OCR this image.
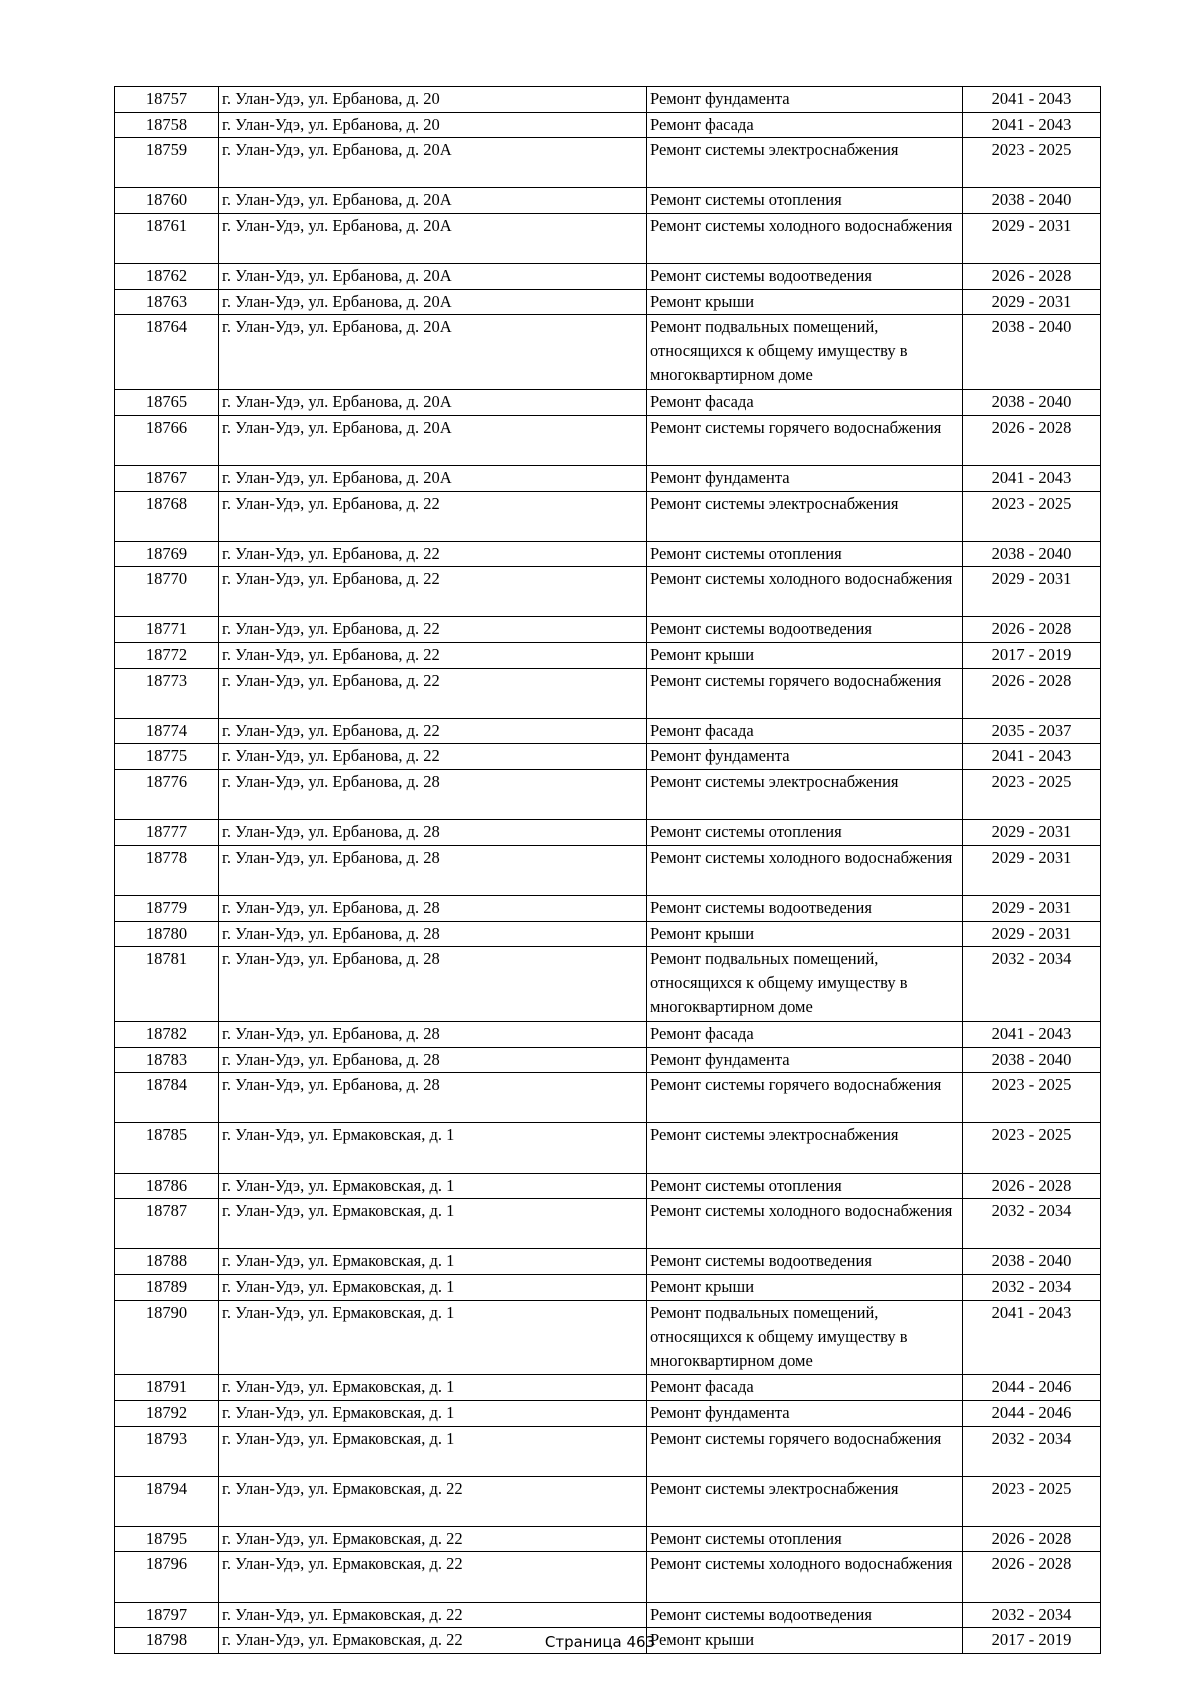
18757	г. Улан-Удэ, ул. Ербанова, д. 20	Ремонт фундамента	2041 - 2043
18758	г. Улан-Удэ, ул. Ербанова, д. 20	Ремонт фасада	2041 - 2043
18759	г. Улан-Удэ, ул. Ербанова, д. 20А	Ремонт системы электроснабжения	2023 - 2025
18760	г. Улан-Удэ, ул. Ербанова, д. 20А	Ремонт системы отопления	2038 - 2040
18761	г. Улан-Удэ, ул. Ербанова, д. 20А	Ремонт системы холодного водоснабжения	2029 - 2031
18762	г. Улан-Удэ, ул. Ербанова, д. 20А	Ремонт системы водоотведения	2026 - 2028
18763	г. Улан-Удэ, ул. Ербанова, д. 20А	Ремонт крыши	2029 - 2031
18764	г. Улан-Удэ, ул. Ербанова, д. 20А	Ремонт подвальных помещений, относящихся к общему имуществу в многоквартирном доме	2038 - 2040
18765	г. Улан-Удэ, ул. Ербанова, д. 20А	Ремонт фасада	2038 - 2040
18766	г. Улан-Удэ, ул. Ербанова, д. 20А	Ремонт системы горячего водоснабжения	2026 - 2028
18767	г. Улан-Удэ, ул. Ербанова, д. 20А	Ремонт фундамента	2041 - 2043
18768	г. Улан-Удэ, ул. Ербанова, д. 22	Ремонт системы электроснабжения	2023 - 2025
18769	г. Улан-Удэ, ул. Ербанова, д. 22	Ремонт системы отопления	2038 - 2040
18770	г. Улан-Удэ, ул. Ербанова, д. 22	Ремонт системы холодного водоснабжения	2029 - 2031
18771	г. Улан-Удэ, ул. Ербанова, д. 22	Ремонт системы водоотведения	2026 - 2028
18772	г. Улан-Удэ, ул. Ербанова, д. 22	Ремонт крыши	2017 - 2019
18773	г. Улан-Удэ, ул. Ербанова, д. 22	Ремонт системы горячего водоснабжения	2026 - 2028
18774	г. Улан-Удэ, ул. Ербанова, д. 22	Ремонт фасада	2035 - 2037
18775	г. Улан-Удэ, ул. Ербанова, д. 22	Ремонт фундамента	2041 - 2043
18776	г. Улан-Удэ, ул. Ербанова, д. 28	Ремонт системы электроснабжения	2023 - 2025
18777	г. Улан-Удэ, ул. Ербанова, д. 28	Ремонт системы отопления	2029 - 2031
18778	г. Улан-Удэ, ул. Ербанова, д. 28	Ремонт системы холодного водоснабжения	2029 - 2031
18779	г. Улан-Удэ, ул. Ербанова, д. 28	Ремонт системы водоотведения	2029 - 2031
18780	г. Улан-Удэ, ул. Ербанова, д. 28	Ремонт крыши	2029 - 2031
18781	г. Улан-Удэ, ул. Ербанова, д. 28	Ремонт подвальных помещений, относящихся к общему имуществу в многоквартирном доме	2032 - 2034
18782	г. Улан-Удэ, ул. Ербанова, д. 28	Ремонт фасада	2041 - 2043
18783	г. Улан-Удэ, ул. Ербанова, д. 28	Ремонт фундамента	2038 - 2040
18784	г. Улан-Удэ, ул. Ербанова, д. 28	Ремонт системы горячего водоснабжения	2023 - 2025
18785	г. Улан-Удэ, ул. Ермаковская, д. 1	Ремонт системы электроснабжения	2023 - 2025
18786	г. Улан-Удэ, ул. Ермаковская, д. 1	Ремонт системы отопления	2026 - 2028
18787	г. Улан-Удэ, ул. Ермаковская, д. 1	Ремонт системы холодного водоснабжения	2032 - 2034
18788	г. Улан-Удэ, ул. Ермаковская, д. 1	Ремонт системы водоотведения	2038 - 2040
18789	г. Улан-Удэ, ул. Ермаковская, д. 1	Ремонт крыши	2032 - 2034
18790	г. Улан-Удэ, ул. Ермаковская, д. 1	Ремонт подвальных помещений, относящихся к общему имуществу в многоквартирном доме	2041 - 2043
18791	г. Улан-Удэ, ул. Ермаковская, д. 1	Ремонт фасада	2044 - 2046
18792	г. Улан-Удэ, ул. Ермаковская, д. 1	Ремонт фундамента	2044 - 2046
18793	г. Улан-Удэ, ул. Ермаковская, д. 1	Ремонт системы горячего водоснабжения	2032 - 2034
18794	г. Улан-Удэ, ул. Ермаковская, д. 22	Ремонт системы электроснабжения	2023 - 2025
18795	г. Улан-Удэ, ул. Ермаковская, д. 22	Ремонт системы отопления	2026 - 2028
18796	г. Улан-Удэ, ул. Ермаковская, д. 22	Ремонт системы холодного водоснабжения	2026 - 2028
18797	г. Улан-Удэ, ул. Ермаковская, д. 22	Ремонт системы водоотведения	2032 - 2034
18798	г. Улан-Удэ, ул. Ермаковская, д. 22	Ремонт крыши	2017 - 2019
Страница 463
